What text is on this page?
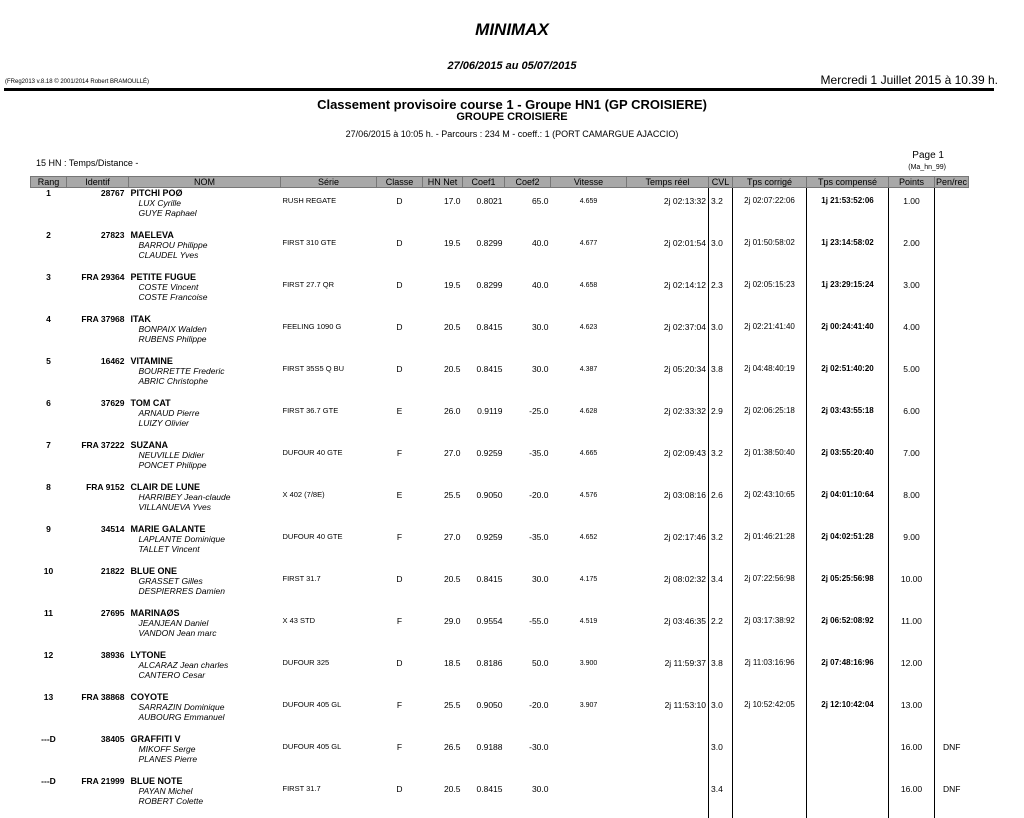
MINIMAX
27/06/2015 au 05/07/2015
(FReg2013 v.8.18 © 2001/2014 Robert BRAMOULLÉ)	Mercredi 1 Juillet 2015 à 10.39 h.
Classement provisoire course 1 - Groupe HN1 (GP CROISIERE)
GROUPE CROISIERE
27/06/2015 à 10:05 h. - Parcours : 234 M - coeff.: 1 (PORT CAMARGUE AJACCIO)
15 HN : Temps/Distance -
Page 1
(Ma_hn_99)
Rang	Identif	NOM	Série	Classe	HN Net	Coef1	Coef2	Vitesse	Temps réel	CVL	Tps corrigé	Tps compensé	Points	Pen/rec
1	28767	PITCHI POØ
LUX Cyrille
GUYE Raphael	RUSH REGATE	D	17.0	0.8021	65.0	4.659	2j 02:13:32	3.2	2j 02:07:22:06	1j 21:53:52:06	1.00	
2	27823	MAELEVA
BARROU Philippe
CLAUDEL Yves	FIRST 310 GTE	D	19.5	0.8299	40.0	4.677	2j 02:01:54	3.0	2j 01:50:58:02	1j 23:14:58:02	2.00	
3	FRA 29364	PETITE FUGUE
COSTE Vincent
COSTE Francoise	FIRST 27.7 QR	D	19.5	0.8299	40.0	4.658	2j 02:14:12	2.3	2j 02:05:15:23	1j 23:29:15:24	3.00	
4	FRA 37968	ITAK
BONPAIX Walden
RUBENS Philippe	FEELING 1090 G	D	20.5	0.8415	30.0	4.623	2j 02:37:04	3.0	2j 02:21:41:40	2j 00:24:41:40	4.00	
5	16462	VITAMINE
BOURRETTE Frederic
ABRIC Christophe	FIRST 35S5 Q BU	D	20.5	0.8415	30.0	4.387	2j 05:20:34	3.8	2j 04:48:40:19	2j 02:51:40:20	5.00	
6	37629	TOM CAT
ARNAUD Pierre
LUIZY Olivier	FIRST 36.7 GTE	E	26.0	0.9119	-25.0	4.628	2j 02:33:32	2.9	2j 02:06:25:18	2j 03:43:55:18	6.00	
7	FRA 37222	SUZANA
NEUVILLE Didier
PONCET Philippe	DUFOUR 40 GTE	F	27.0	0.9259	-35.0	4.665	2j 02:09:43	3.2	2j 01:38:50:40	2j 03:55:20:40	7.00	
8	FRA 9152	CLAIR DE LUNE
HARRIBEY Jean-claude
VILLANUEVA Yves	X 402 (7/8E)	E	25.5	0.9050	-20.0	4.576	2j 03:08:16	2.6	2j 02:43:10:65	2j 04:01:10:64	8.00	
9	34514	MARIE GALANTE
LAPLANTE Dominique
TALLET Vincent	DUFOUR 40 GTE	F	27.0	0.9259	-35.0	4.652	2j 02:17:46	3.2	2j 01:46:21:28	2j 04:02:51:28	9.00	
10	21822	BLUE ONE
GRASSET Gilles
DESPIERRES Damien	FIRST 31.7	D	20.5	0.8415	30.0	4.175	2j 08:02:32	3.4	2j 07:22:56:98	2j 05:25:56:98	10.00	
11	27695	MARINAØS
JEANJEAN Daniel
VANDON Jean marc	X 43 STD	F	29.0	0.9554	-55.0	4.519	2j 03:46:35	2.2	2j 03:17:38:92	2j 06:52:08:92	11.00	
12	38936	LYTONE
ALCARAZ Jean charles
CANTERO Cesar	DUFOUR 325	D	18.5	0.8186	50.0	3.900	2j 11:59:37	3.8	2j 11:03:16:96	2j 07:48:16:96	12.00	
13	FRA 38868	COYOTE
SARRAZIN Dominique
AUBOURG Emmanuel	DUFOUR 405 GL	F	25.5	0.9050	-20.0	3.907	2j 11:53:10	3.0	2j 10:52:42:05	2j 12:10:42:04	13.00	
---D	38405	GRAFFITI V
MIKOFF Serge
PLANES Pierre	DUFOUR 405 GL	F	26.5	0.9188	-30.0			3.0			16.00	DNF
---D	FRA 21999	BLUE NOTE
PAYAN Michel
ROBERT Colette	FIRST 31.7	D	20.5	0.8415	30.0			3.4			16.00	DNF
